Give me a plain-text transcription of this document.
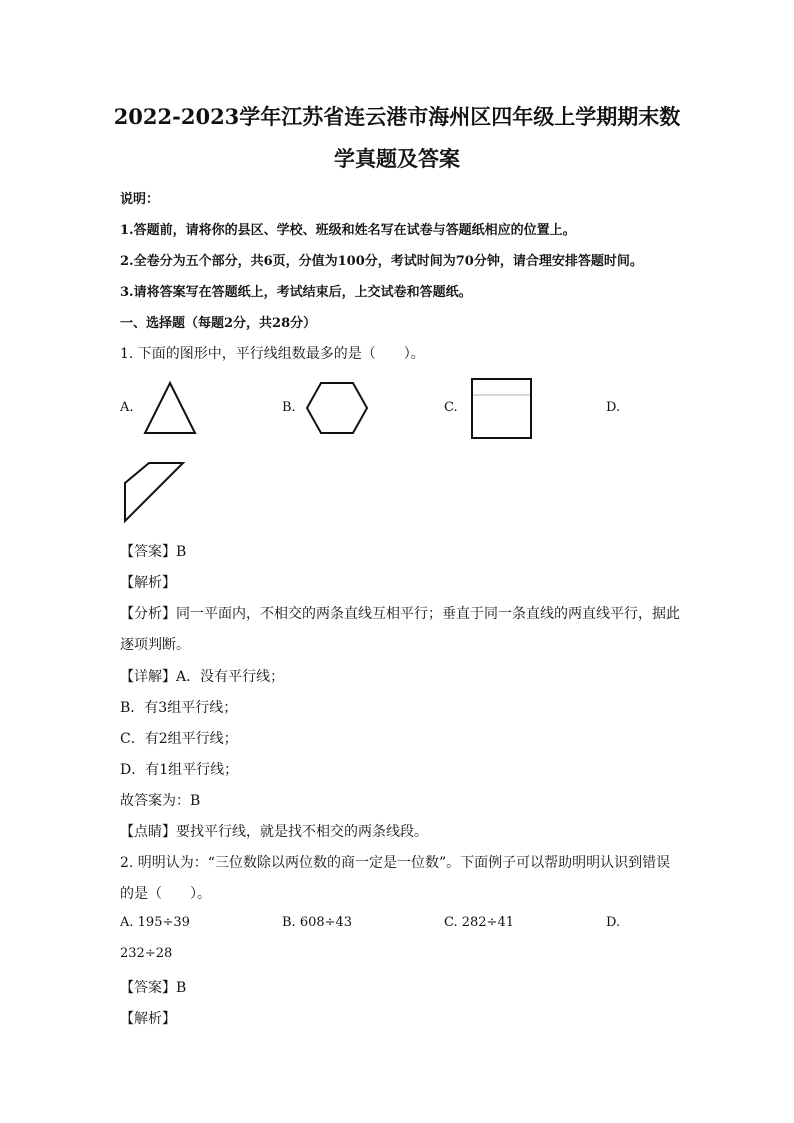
2022-2023学年江苏省连云港市海州区四年级上学期期末数
学真题及答案
说明：
1.答题前，请将你的县区、学校、班级和姓名写在试卷与答题纸相应的位置上。
2.全卷分为五个部分，共6页，分值为100分，考试时间为70分钟，请合理安排答题时间。
3.请将答案写在答题纸上，考试结束后，上交试卷和答题纸。
一、选择题（每题2分，共28分）
1. 下面的图形中，平行线组数最多的是（　　）。
A.	B.	C.	D.
【答案】B
【解析】
【分析】同一平面内，不相交的两条直线互相平行；垂直于同一条直线的两直线平行，据此
逐项判断。
【详解】A．没有平行线；
B．有3组平行线；
C．有2组平行线；
D．有1组平行线；
故答案为：B
【点睛】要找平行线，就是找不相交的两条线段。
2. 明明认为：“三位数除以两位数的商一定是一位数”。下面例子可以帮助明明认识到错误
的是（　　）。
A. 195÷39	B. 608÷43	C. 282÷41	D.
232÷28
【答案】B
【解析】
